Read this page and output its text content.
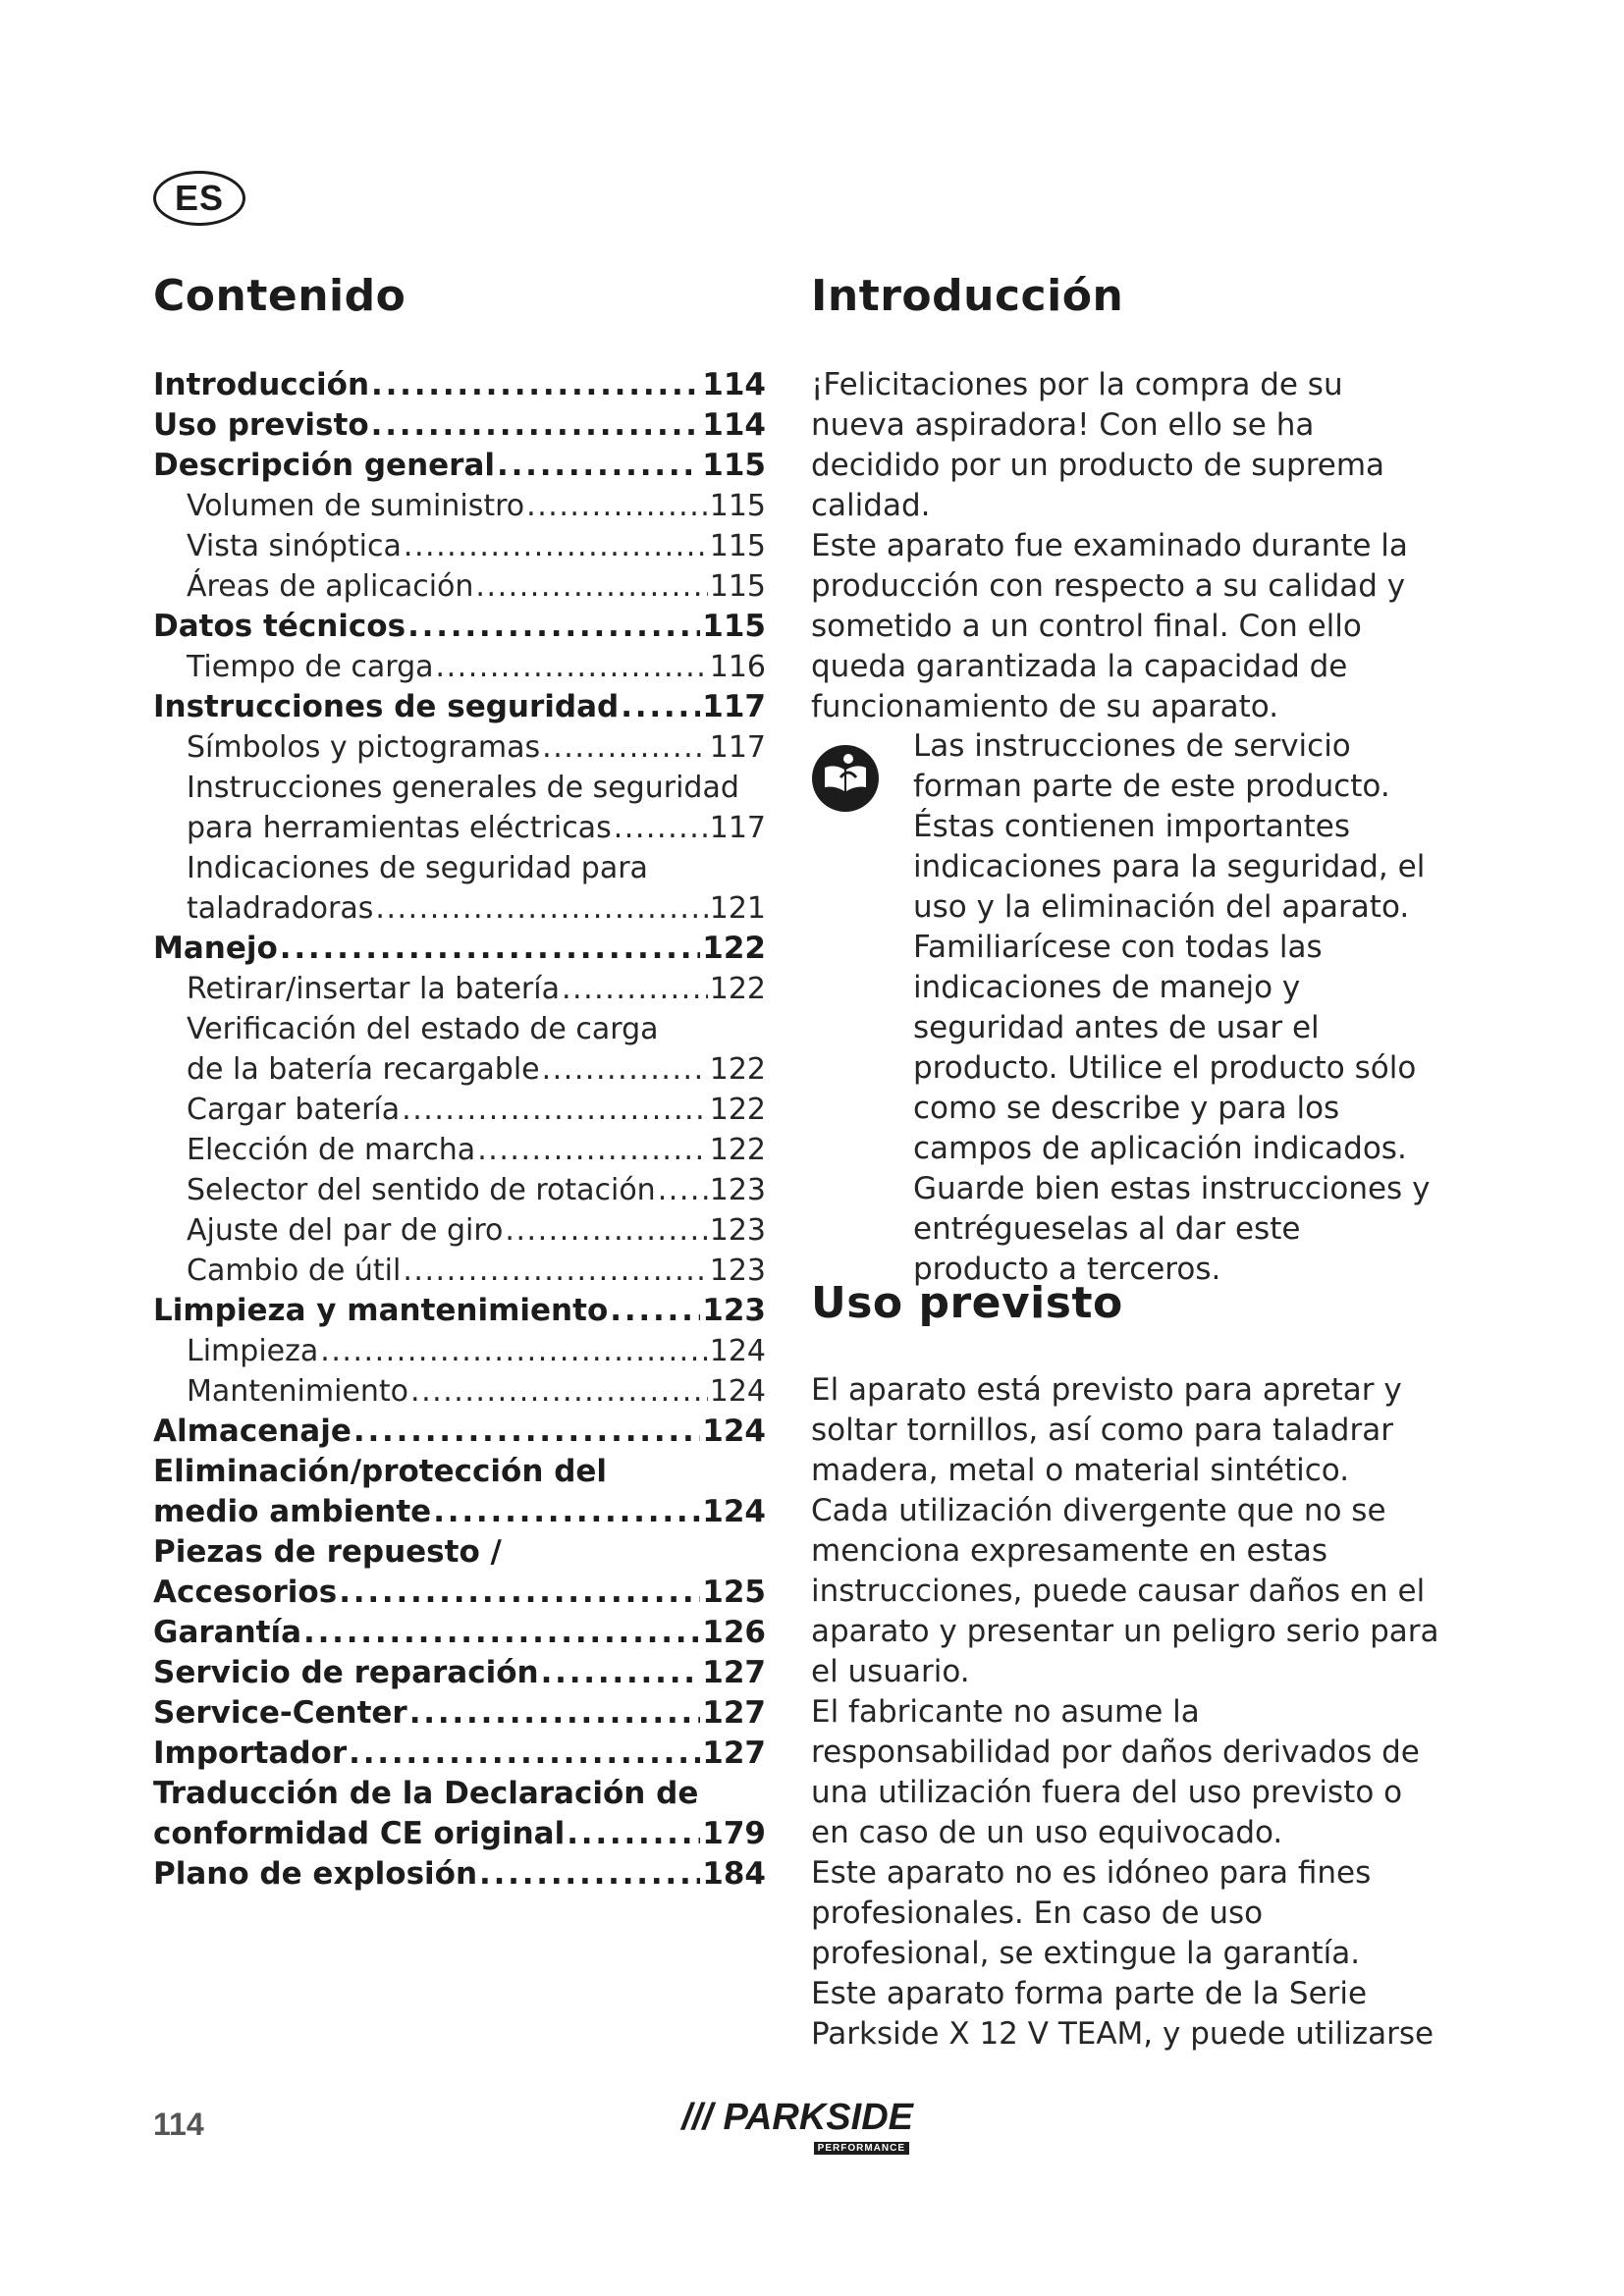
ES
Contenido
Introducción . . .	114
Uso previsto . . .	114
Descripción general . . .	115
Volumen de suministro . . .	115
Vista sinóptica . . .	115
Áreas de aplicación . . .	115
Datos técnicos . . .	115
Tiempo de carga . . .	116
Instrucciones de seguridad . . .	117
Símbolos y pictogramas . . .	117
Instrucciones generales de seguridad
para herramientas eléctricas . . .	117
Indicaciones de seguridad para
taladradoras . . .	121
Manejo . . .	122
Retirar/insertar la batería . . .	122
Verificación del estado de carga
de la batería recargable . . .	122
Cargar batería . . .	122
Elección de marcha . . .	122
Selector del sentido de rotación . . . 123
Ajuste del par de giro . . .	123
Cambio de útil . . .	123
Limpieza y mantenimiento . . .	123
Limpieza . . .	124
Mantenimiento . . .	124
Almacenaje . . .	124
Eliminación/protección del
medio ambiente . . .	124
Piezas de repuesto /
Accesorios . . .	125
Garantía . . .	126
Servicio de reparación . . .	127
Service-Center . . .	127
Importador . . .	127
Traducción de la Declaración de
conformidad CE original . . .	179
Plano de explosión . . .	184
Introducción

¡Felicitaciones por la compra de su nueva aspiradora! Con ello se ha decidido por un producto de suprema calidad.

Este aparato fue examinado durante la producción con respecto a su calidad y sometido a un control final. Con ello queda garantizada la capacidad de funcionamiento de su aparato.

Las instrucciones de servicio forman parte de este producto. Éstas contienen importantes indicaciones para la seguridad, el uso y la eliminación del aparato. Familiarícese con todas las indicaciones de manejo y seguridad antes de usar el producto. Utilice el producto sólo como se describe y para los campos de aplicación indicados. Guarde bien estas instrucciones y entrégueselas al dar este producto a terceros.
Uso previsto

El aparato está previsto para apretar y soltar tornillos, así como para taladrar madera, metal o material sintético.

Cada utilización divergente que no se menciona expresamente en estas instrucciones, puede causar daños en el aparato y presentar un peligro serio para el usuario.

El fabricante no asume la responsabilidad por daños derivados de una utilización fuera del uso previsto o en caso de un uso equivocado.

Este aparato no es idóneo para fines profesionales. En caso de uso profesional, se extingue la garantía.

Este aparato forma parte de la Serie Parkside X 12 V TEAM, y puede utilizarse

114	/// PARKSIDE
PERFORMANCE
